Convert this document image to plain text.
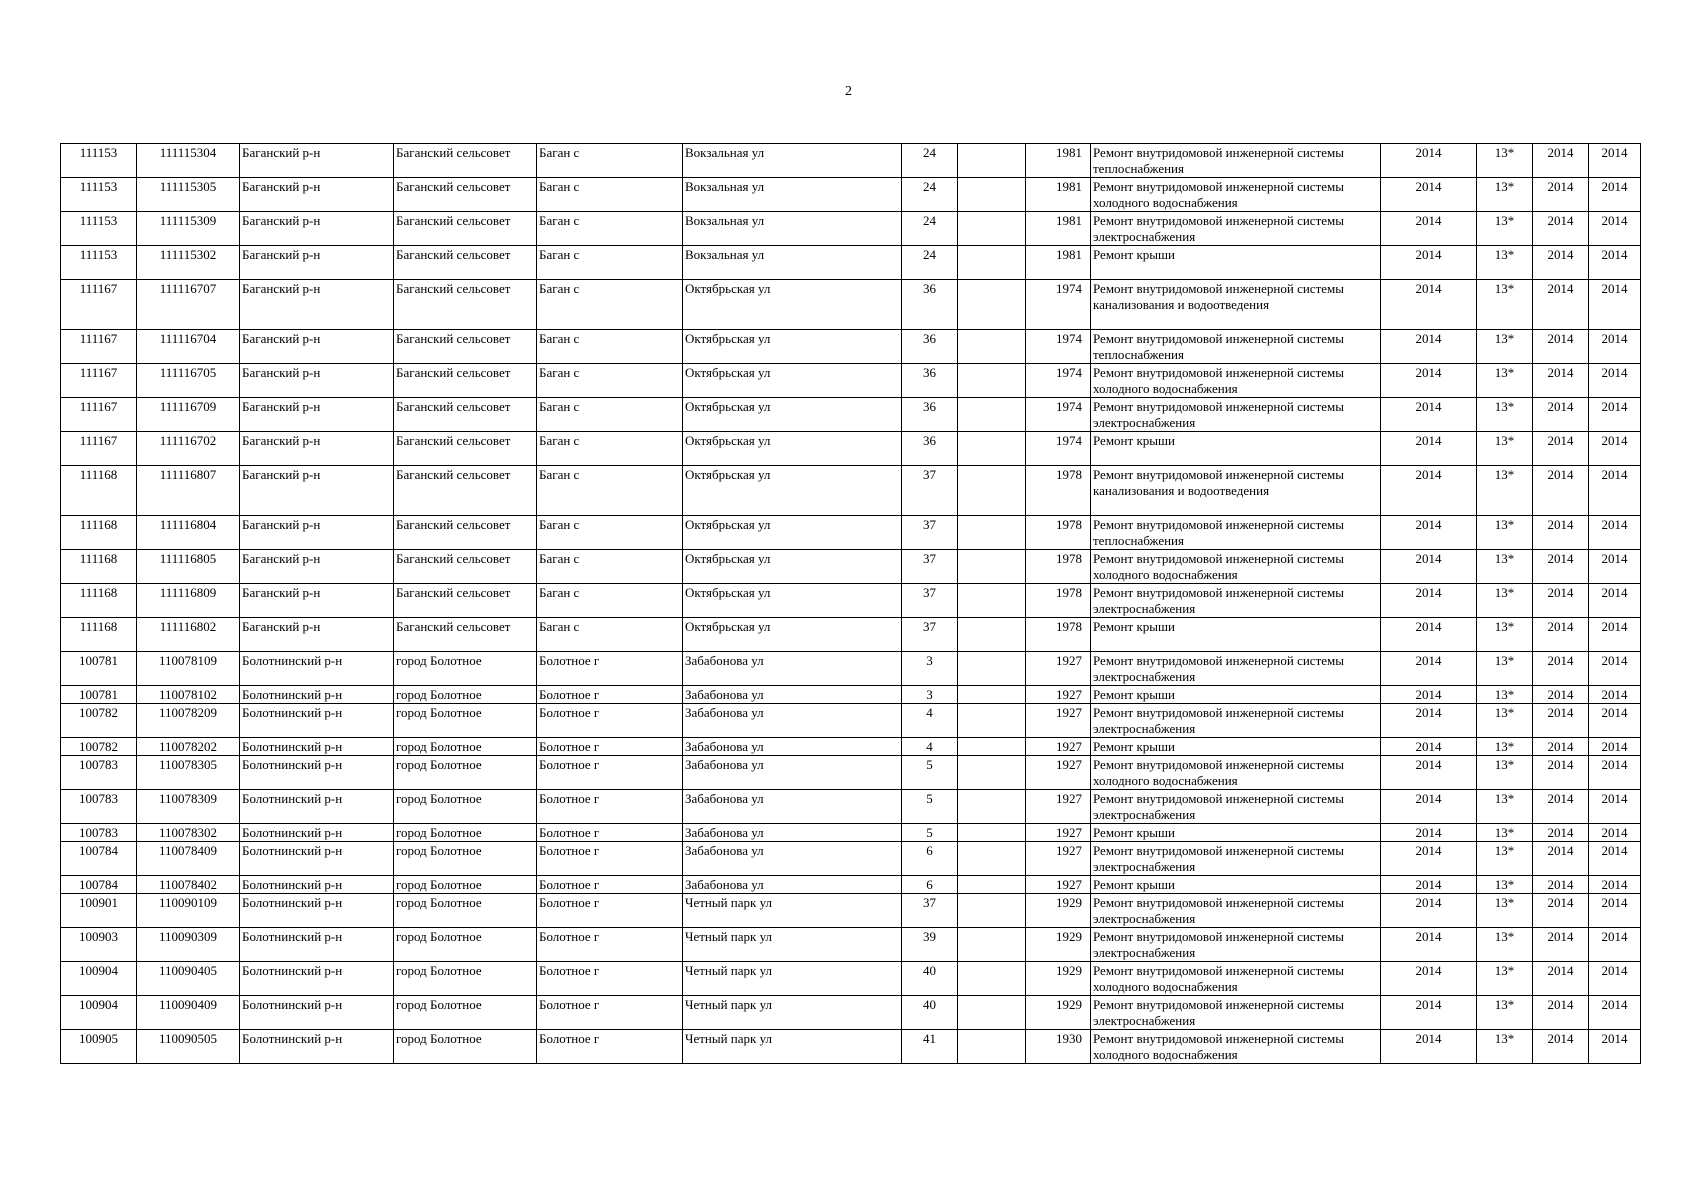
2
111153	111115304	Баганский р-н	Баганский сельсовет	Баган с	Вокзальная ул	24		1981	Ремонт внутридомовой инженерной системы теплоснабжения	2014	13*	2014	2014
111153	111115305	Баганский р-н	Баганский сельсовет	Баган с	Вокзальная ул	24		1981	Ремонт внутридомовой инженерной системы холодного водоснабжения	2014	13*	2014	2014
111153	111115309	Баганский р-н	Баганский сельсовет	Баган с	Вокзальная ул	24		1981	Ремонт внутридомовой инженерной системы электроснабжения	2014	13*	2014	2014
111153	111115302	Баганский р-н	Баганский сельсовет	Баган с	Вокзальная ул	24		1981	Ремонт крыши	2014	13*	2014	2014
111167	111116707	Баганский р-н	Баганский сельсовет	Баган с	Октябрьская ул	36		1974	Ремонт внутридомовой инженерной системы канализования и водоотведения	2014	13*	2014	2014
111167	111116704	Баганский р-н	Баганский сельсовет	Баган с	Октябрьская ул	36		1974	Ремонт внутридомовой инженерной системы теплоснабжения	2014	13*	2014	2014
111167	111116705	Баганский р-н	Баганский сельсовет	Баган с	Октябрьская ул	36		1974	Ремонт внутридомовой инженерной системы холодного водоснабжения	2014	13*	2014	2014
111167	111116709	Баганский р-н	Баганский сельсовет	Баган с	Октябрьская ул	36		1974	Ремонт внутридомовой инженерной системы электроснабжения	2014	13*	2014	2014
111167	111116702	Баганский р-н	Баганский сельсовет	Баган с	Октябрьская ул	36		1974	Ремонт крыши	2014	13*	2014	2014
111168	111116807	Баганский р-н	Баганский сельсовет	Баган с	Октябрьская ул	37		1978	Ремонт внутридомовой инженерной системы канализования и водоотведения	2014	13*	2014	2014
111168	111116804	Баганский р-н	Баганский сельсовет	Баган с	Октябрьская ул	37		1978	Ремонт внутридомовой инженерной системы теплоснабжения	2014	13*	2014	2014
111168	111116805	Баганский р-н	Баганский сельсовет	Баган с	Октябрьская ул	37		1978	Ремонт внутридомовой инженерной системы холодного водоснабжения	2014	13*	2014	2014
111168	111116809	Баганский р-н	Баганский сельсовет	Баган с	Октябрьская ул	37		1978	Ремонт внутридомовой инженерной системы электроснабжения	2014	13*	2014	2014
111168	111116802	Баганский р-н	Баганский сельсовет	Баган с	Октябрьская ул	37		1978	Ремонт крыши	2014	13*	2014	2014
100781	110078109	Болотнинский р-н	город Болотное	Болотное г	Забабонова ул	3		1927	Ремонт внутридомовой инженерной системы электроснабжения	2014	13*	2014	2014
100781	110078102	Болотнинский р-н	город Болотное	Болотное г	Забабонова ул	3		1927	Ремонт крыши	2014	13*	2014	2014
100782	110078209	Болотнинский р-н	город Болотное	Болотное г	Забабонова ул	4		1927	Ремонт внутридомовой инженерной системы электроснабжения	2014	13*	2014	2014
100782	110078202	Болотнинский р-н	город Болотное	Болотное г	Забабонова ул	4		1927	Ремонт крыши	2014	13*	2014	2014
100783	110078305	Болотнинский р-н	город Болотное	Болотное г	Забабонова ул	5		1927	Ремонт внутридомовой инженерной системы холодного водоснабжения	2014	13*	2014	2014
100783	110078309	Болотнинский р-н	город Болотное	Болотное г	Забабонова ул	5		1927	Ремонт внутридомовой инженерной системы электроснабжения	2014	13*	2014	2014
100783	110078302	Болотнинский р-н	город Болотное	Болотное г	Забабонова ул	5		1927	Ремонт крыши	2014	13*	2014	2014
100784	110078409	Болотнинский р-н	город Болотное	Болотное г	Забабонова ул	6		1927	Ремонт внутридомовой инженерной системы электроснабжения	2014	13*	2014	2014
100784	110078402	Болотнинский р-н	город Болотное	Болотное г	Забабонова ул	6		1927	Ремонт крыши	2014	13*	2014	2014
100901	110090109	Болотнинский р-н	город Болотное	Болотное г	Четный парк ул	37		1929	Ремонт внутридомовой инженерной системы электроснабжения	2014	13*	2014	2014
100903	110090309	Болотнинский р-н	город Болотное	Болотное г	Четный парк ул	39		1929	Ремонт внутридомовой инженерной системы электроснабжения	2014	13*	2014	2014
100904	110090405	Болотнинский р-н	город Болотное	Болотное г	Четный парк ул	40		1929	Ремонт внутридомовой инженерной системы холодного водоснабжения	2014	13*	2014	2014
100904	110090409	Болотнинский р-н	город Болотное	Болотное г	Четный парк ул	40		1929	Ремонт внутридомовой инженерной системы электроснабжения	2014	13*	2014	2014
100905	110090505	Болотнинский р-н	город Болотное	Болотное г	Четный парк ул	41		1930	Ремонт внутридомовой инженерной системы холодного водоснабжения	2014	13*	2014	2014
